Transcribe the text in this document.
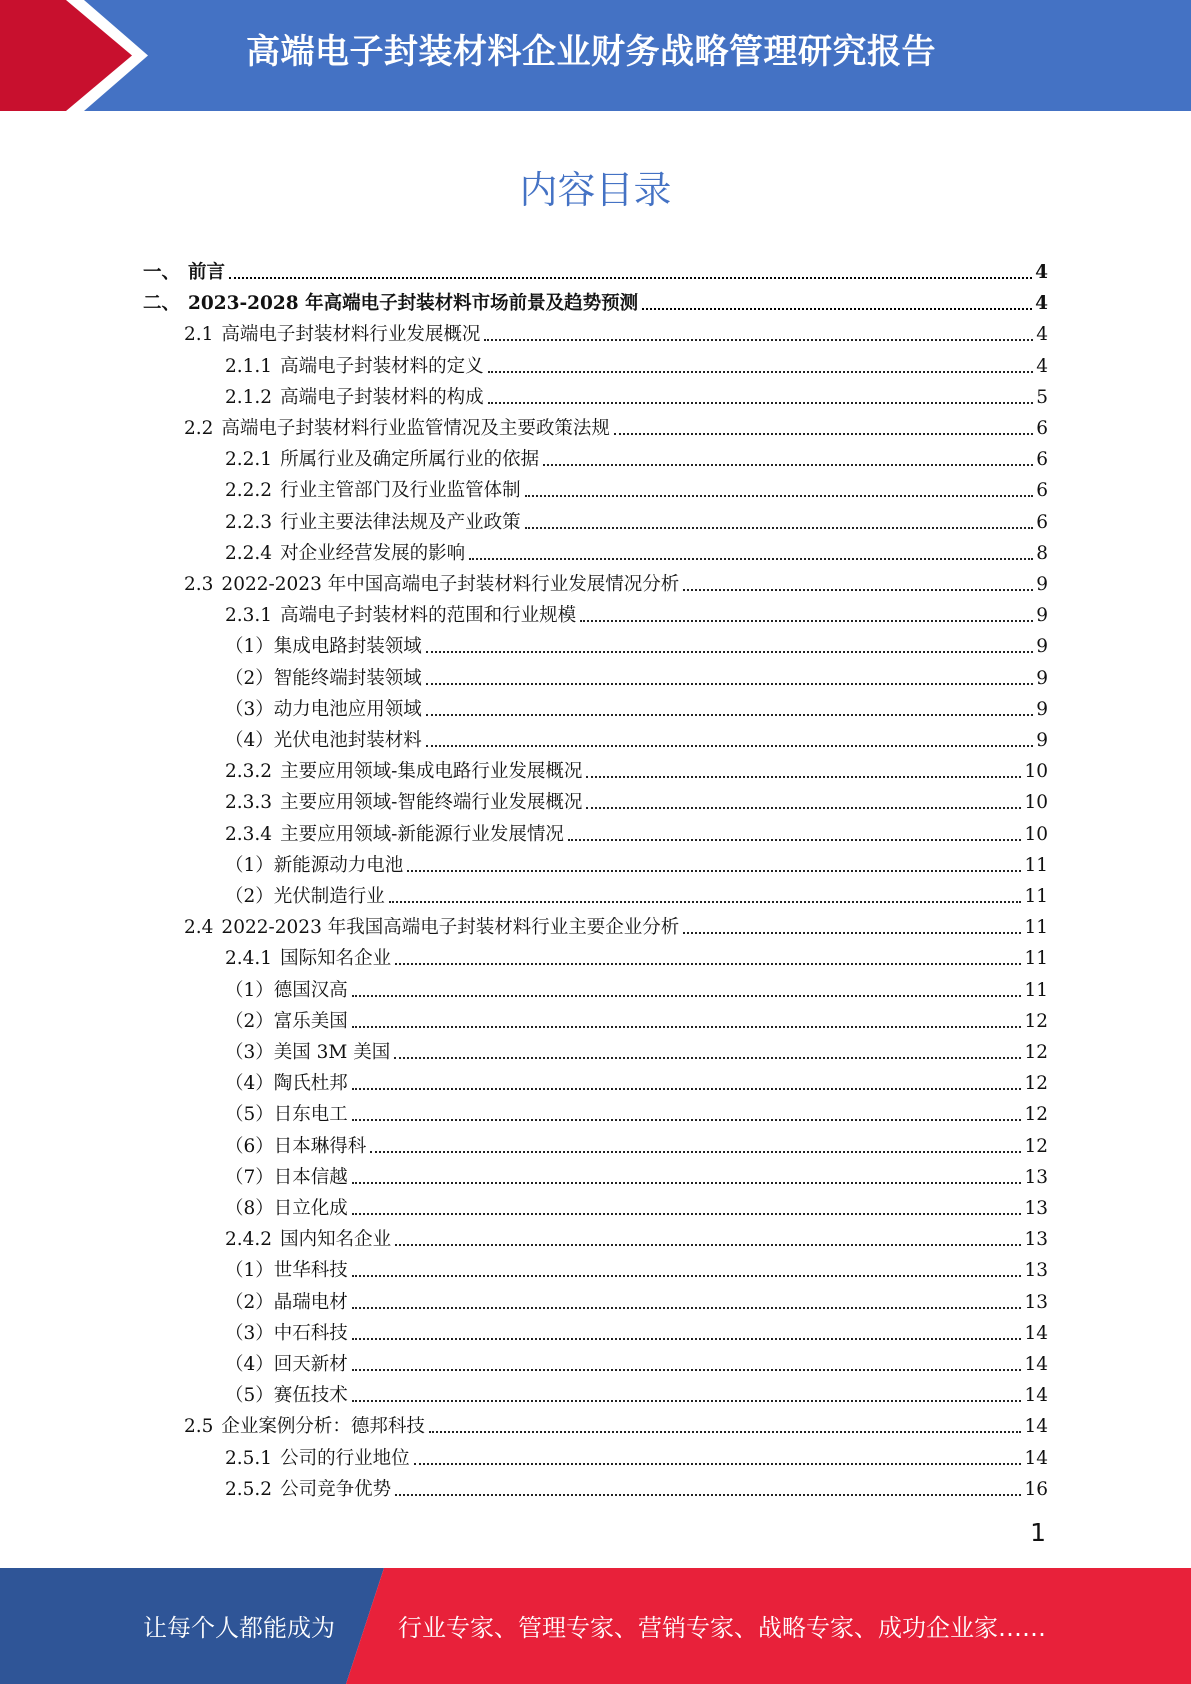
高端电子封装材料企业财务战略管理研究报告
内容目录
一、 前言	4
二、 2023-2028 年高端电子封装材料市场前景及趋势预测	4
2.1 高端电子封装材料行业发展概况	4
2.1.1 高端电子封装材料的定义	4
2.1.2 高端电子封装材料的构成	5
2.2 高端电子封装材料行业监管情况及主要政策法规	6
2.2.1 所属行业及确定所属行业的依据	6
2.2.2 行业主管部门及行业监管体制	6
2.2.3 行业主要法律法规及产业政策	6
2.2.4 对企业经营发展的影响	8
2.3 2022-2023 年中国高端电子封装材料行业发展情况分析	9
2.3.1 高端电子封装材料的范围和行业规模	9
（1） 集成电路封装领域	9
（2） 智能终端封装领域	9
（3） 动力电池应用领域	9
（4） 光伏电池封装材料	9
2.3.2 主要应用领域-集成电路行业发展概况	10
2.3.3 主要应用领域-智能终端行业发展概况	10
2.3.4 主要应用领域-新能源行业发展情况	10
（1） 新能源动力电池	11
（2） 光伏制造行业	11
2.4 2022-2023 年我国高端电子封装材料行业主要企业分析	11
2.4.1 国际知名企业	11
（1） 德国汉高	11
（2） 富乐美国	12
（3） 美国 3M 美国	12
（4） 陶氏杜邦	12
（5） 日东电工	12
（6） 日本琳得科	12
（7） 日本信越	13
（8） 日立化成	13
2.4.2 国内知名企业	13
（1） 世华科技	13
（2） 晶瑞电材	13
（3） 中石科技	14
（4） 回天新材	14
（5） 赛伍技术	14
2.5 企业案例分析：德邦科技	14
2.5.1 公司的行业地位	14
2.5.2 公司竞争优势	16
1
让每个人都能成为	行业专家、管理专家、营销专家、战略专家、成功企业家……
